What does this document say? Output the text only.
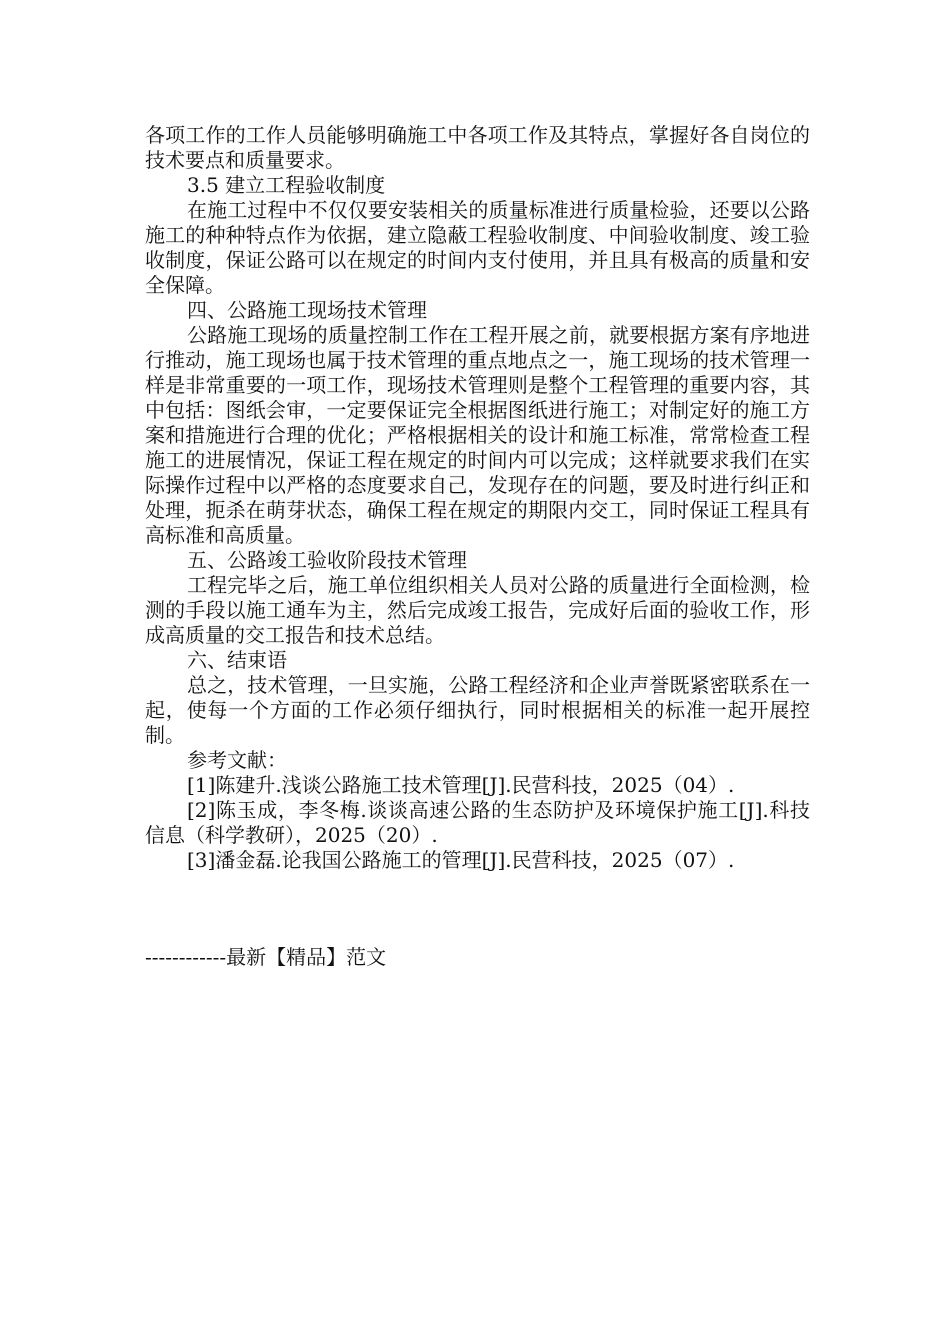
各项工作的工作人员能够明确施工中各项工作及其特点，掌握好各自岗位的技术要点和质量要求。

3.5 建立工程验收制度

在施工过程中不仅仅要安装相关的质量标准进行质量检验，还要以公路施工的种种特点作为依据，建立隐蔽工程验收制度、中间验收制度、竣工验收制度，保证公路可以在规定的时间内支付使用，并且具有极高的质量和安全保障。

四、公路施工现场技术管理

公路施工现场的质量控制工作在工程开展之前，就要根据方案有序地进行推动，施工现场也属于技术管理的重点地点之一，施工现场的技术管理一样是非常重要的一项工作，现场技术管理则是整个工程管理的重要内容，其中包括：图纸会审，一定要保证完全根据图纸进行施工；对制定好的施工方案和措施进行合理的优化；严格根据相关的设计和施工标准，常常检查工程施工的进展情况，保证工程在规定的时间内可以完成；这样就要求我们在实际操作过程中以严格的态度要求自己，发现存在的问题，要及时进行纠正和处理，扼杀在萌芽状态，确保工程在规定的期限内交工，同时保证工程具有高标准和高质量。

五、公路竣工验收阶段技术管理

工程完毕之后，施工单位组织相关人员对公路的质量进行全面检测，检测的手段以施工通车为主，然后完成竣工报告，完成好后面的验收工作，形成高质量的交工报告和技术总结。

六、结束语

总之，技术管理，一旦实施，公路工程经济和企业声誉既紧密联系在一起，使每一个方面的工作必须仔细执行，同时根据相关的标准一起开展控制。

参考文献：

[1]陈建升.浅谈公路施工技术管理[J].民营科技，2025（04）.

[2]陈玉成，李冬梅.谈谈高速公路的生态防护及环境保护施工[J].科技信息（科学教研），2025（20）.

[3]潘金磊.论我国公路施工的管理[J].民营科技，2025（07）.

------------最新【精品】范文
